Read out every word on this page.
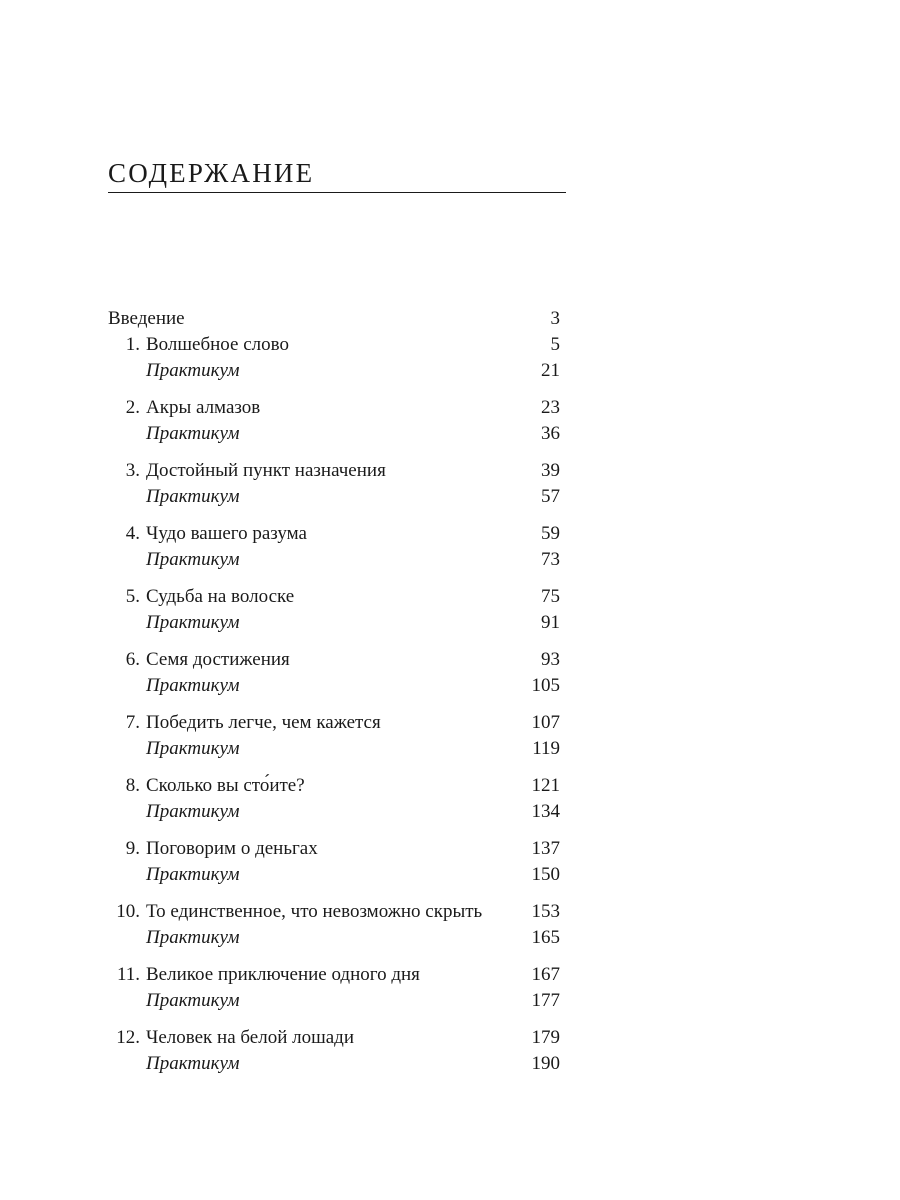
СОДЕРЖАНИЕ
Введение	3
1. Волшебное слово	5
Практикум	21
2. Акры алмазов	23
Практикум	36
3. Достойный пункт назначения	39
Практикум	57
4. Чудо вашего разума	59
Практикум	73
5. Судьба на волоске	75
Практикум	91
6. Семя достижения	93
Практикум	105
7. Победить легче, чем кажется	107
Практикум	119
8. Сколько вы сто́ите?	121
Практикум	134
9. Поговорим о деньгах	137
Практикум	150
10. То единственное, что невозможно скрыть	153
Практикум	165
11. Великое приключение одного дня	167
Практикум	177
12. Человек на белой лошади	179
Практикум	190
